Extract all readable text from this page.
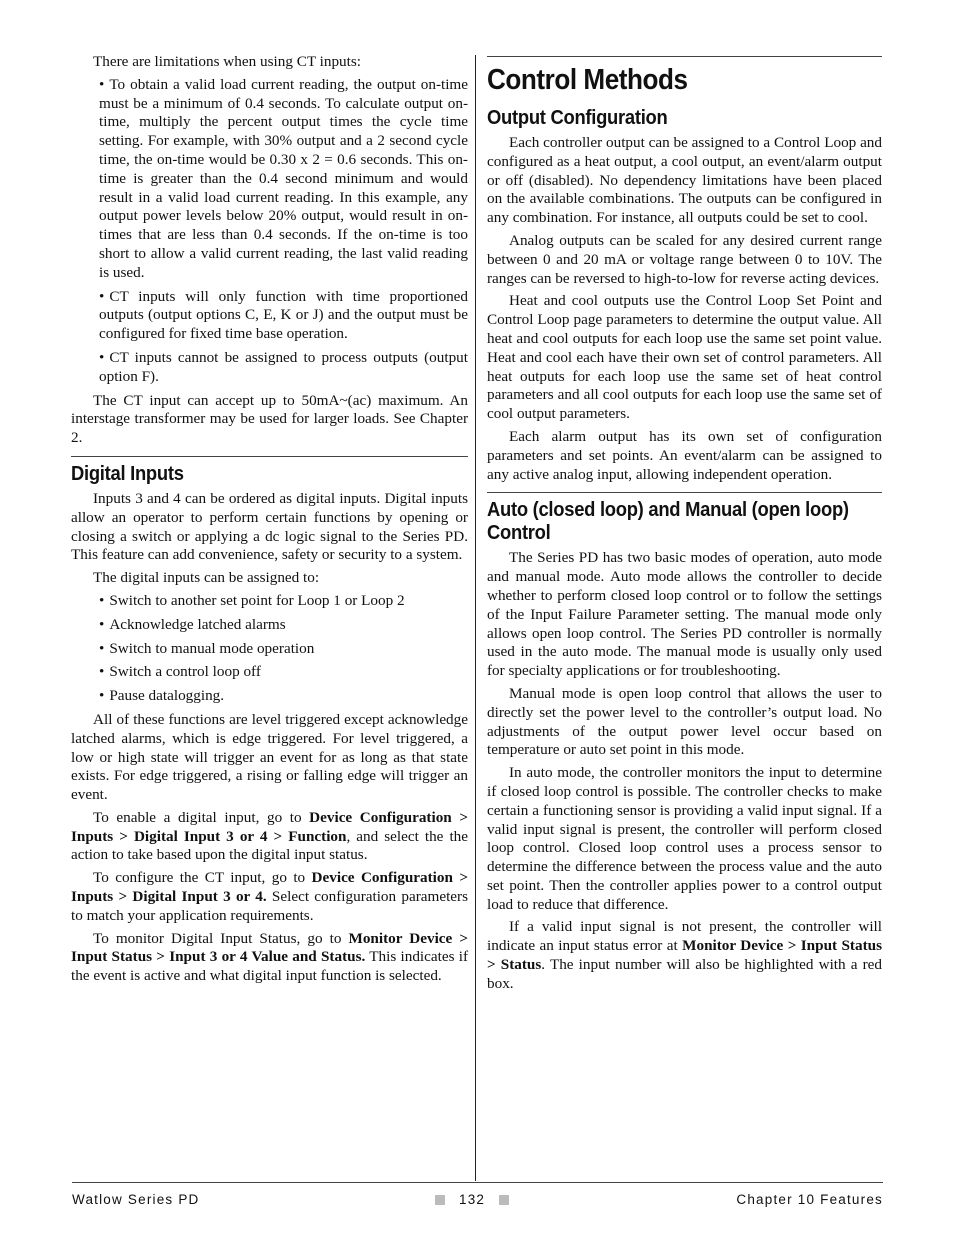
There are limitations when using CT inputs:

• To obtain a valid load current reading, the output on-time must be a minimum of 0.4 seconds. To calculate output on-time, multiply the percent output times the cycle time setting. For example, with 30% output and a 2 second cycle time, the on-time would be 0.30 x 2 = 0.6 seconds. This on-time is greater than the 0.4 second minimum and would result in a valid load current reading. In this example, any output power levels below 20% output, would result in on-times that are less than 0.4 seconds. If the on-time is too short to allow a valid current reading, the last valid reading is used.
• CT inputs will only function with time proportioned outputs (output options C, E, K or J) and the output must be configured for fixed time base operation.
• CT inputs cannot be assigned to process outputs (output option F).

The CT input can accept up to 50mA~(ac) maximum. An interstage transformer may be used for larger loads. See Chapter 2.

Digital Inputs

Inputs 3 and 4 can be ordered as digital inputs. Digital inputs allow an operator to perform certain functions by opening or closing a switch or applying a dc logic signal to the Series PD. This feature can add convenience, safety or security to a system.

The digital inputs can be assigned to:

• Switch to another set point for Loop 1 or Loop 2
• Acknowledge latched alarms
• Switch to manual mode operation
• Switch a control loop off
• Pause datalogging.

All of these functions are level triggered except acknowledge latched alarms, which is edge triggered. For level triggered, a low or high state will trigger an event for as long as that state exists. For edge triggered, a rising or falling edge will trigger an event.

To enable a digital input, go to Device Configuration > Inputs > Digital Input 3 or 4 > Function, and select the the action to take based upon the digital input status.

To configure the CT input, go to Device Configuration > Inputs > Digital Input 3 or 4. Select configuration parameters to match your application requirements.

To monitor Digital Input Status, go to Monitor Device > Input Status > Input 3 or 4 Value and Status. This indicates if the event is active and what digital input function is selected.

Control Methods
Output Configuration

Each controller output can be assigned to a Control Loop and configured as a heat output, a cool output, an event/alarm output or off (disabled). No dependency limitations have been placed on the available combinations. The outputs can be configured in any combination. For instance, all outputs could be set to cool.

Analog outputs can be scaled for any desired current range between 0 and 20 mA or voltage range between 0 to 10V. The ranges can be reversed to high-to-low for reverse acting devices.

Heat and cool outputs use the Control Loop Set Point and Control Loop page parameters to determine the output value. All heat and cool outputs for each loop use the same set point value. Heat and cool each have their own set of control parameters. All heat outputs for each loop use the same set of heat control parameters and all cool outputs for each loop use the same set of cool output parameters.

Each alarm output has its own set of configuration parameters and set points. An event/alarm can be assigned to any active analog input, allowing independent operation.

Auto (closed loop) and Manual (open loop) Control

The Series PD has two basic modes of operation, auto mode and manual mode. Auto mode allows the controller to decide whether to perform closed loop control or to follow the settings of the Input Failure Parameter setting. The manual mode only allows open loop control. The Series PD controller is normally used in the auto mode. The manual mode is usually only used for specialty applications or for troubleshooting.

Manual mode is open loop control that allows the user to directly set the power level to the controller’s output load. No adjustments of the output power level occur based on temperature or auto set point in this mode.

In auto mode, the controller monitors the input to determine if closed loop control is possible. The controller checks to make certain a functioning sensor is providing a valid input signal. If a valid input signal is present, the controller will perform closed loop control. Closed loop control uses a process sensor to determine the difference between the process value and the auto set point. Then the controller applies power to a control output load to reduce that difference.

If a valid input signal is not present, the controller will indicate an input status error at Monitor Device > Input Status > Status. The input number will also be highlighted with a red box.

Watlow Series PD	132	Chapter 10 Features
